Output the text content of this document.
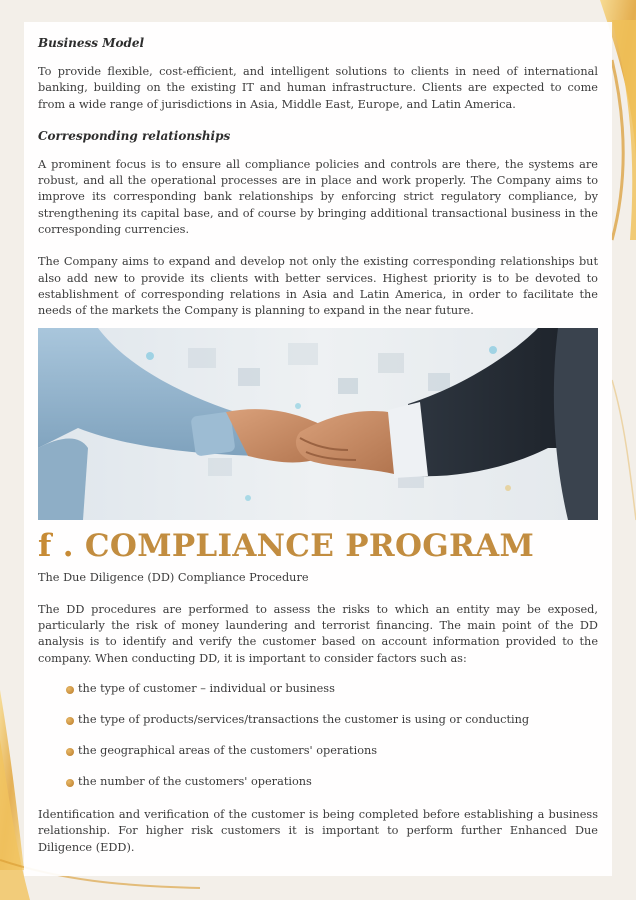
Business Model

To provide flexible, cost-efficient, and intelligent solutions to clients in need of international banking, building on the existing IT and human infrastructure. Clients are expected to come from a wide range of jurisdictions in Asia, Middle East, Europe, and Latin America.

Corresponding relationships

A prominent focus is to ensure all compliance policies and controls are there, the systems are robust, and all the operational processes are in place and work properly. The Company aims to improve its corresponding bank relationships by enforcing strict regulatory compliance, by strengthening its capital base, and of course by bringing additional transactional business in the corresponding currencies.

The Company aims to expand and develop not only the existing corresponding relationships but also add new to provide its clients with better services. Highest priority is to be devoted to establishment of corresponding relations in Asia and Latin America, in order to facilitate the needs of the markets the Company is planning to expand in the near future.

f . COMPLIANCE PROGRAM

The Due Diligence (DD) Compliance Procedure

The DD procedures are performed to assess the risks to which an entity may be exposed, particularly the risk of money laundering and terrorist financing. The main point of the DD analysis is to identify and verify the customer based on account information provided to the company. When conducting DD, it is important to consider factors such as:

the type of customer – individual or business
the type of products/services/transactions the customer is using or conducting
the geographical areas of the customers' operations
the number of the customers' operations

Identification and verification of the customer is being completed before establishing a business relationship. For higher risk customers it is important to perform further Enhanced Due Diligence (EDD).
